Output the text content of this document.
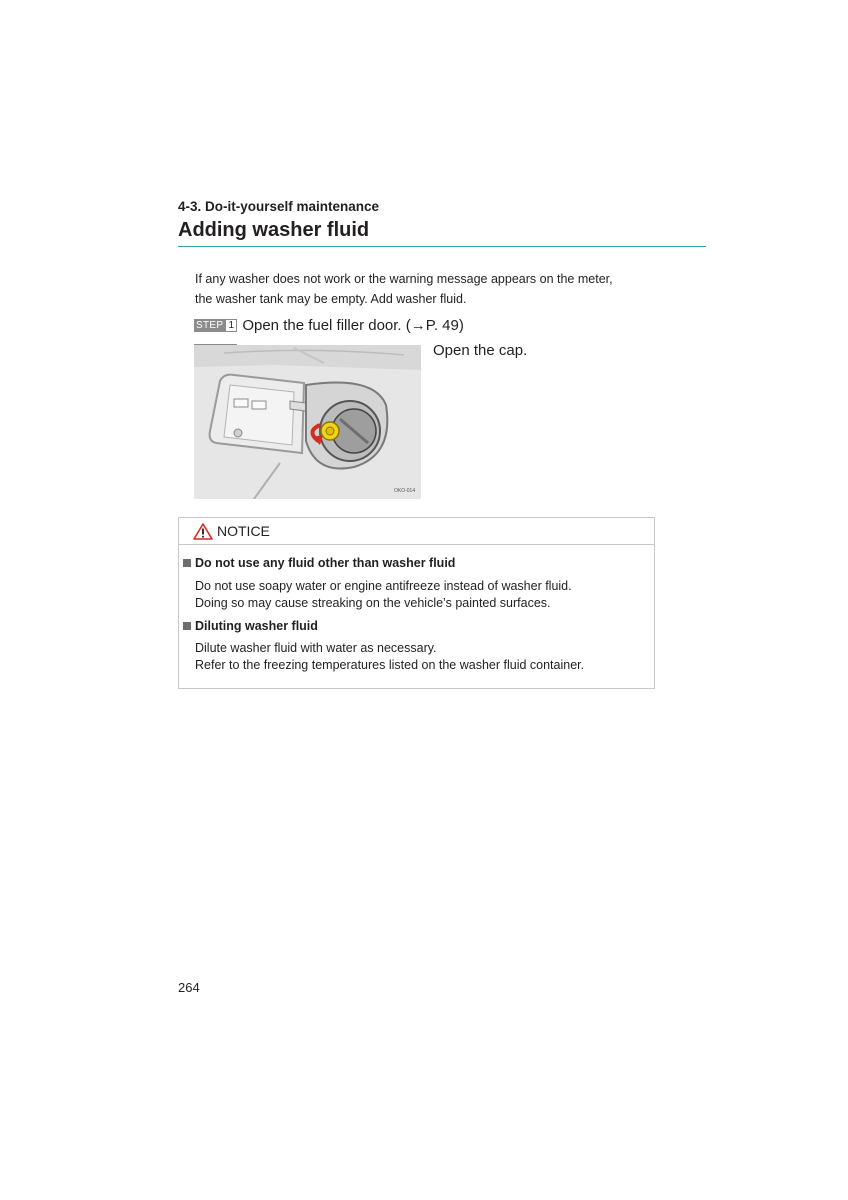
4-3. Do-it-yourself maintenance
Adding washer fluid
If any washer does not work or the warning message appears on the meter,
the washer tank may be empty. Add washer fluid.
STEP 1 Open the fuel filler door. (→P. 49)
OKO-014
Open the cap.
NOTICE
Do not use any fluid other than washer fluid
Do not use soapy water or engine antifreeze instead of washer fluid.
Doing so may cause streaking on the vehicle’s painted surfaces.
Diluting washer fluid
Dilute washer fluid with water as necessary.
Refer to the freezing temperatures listed on the washer fluid container.
264
